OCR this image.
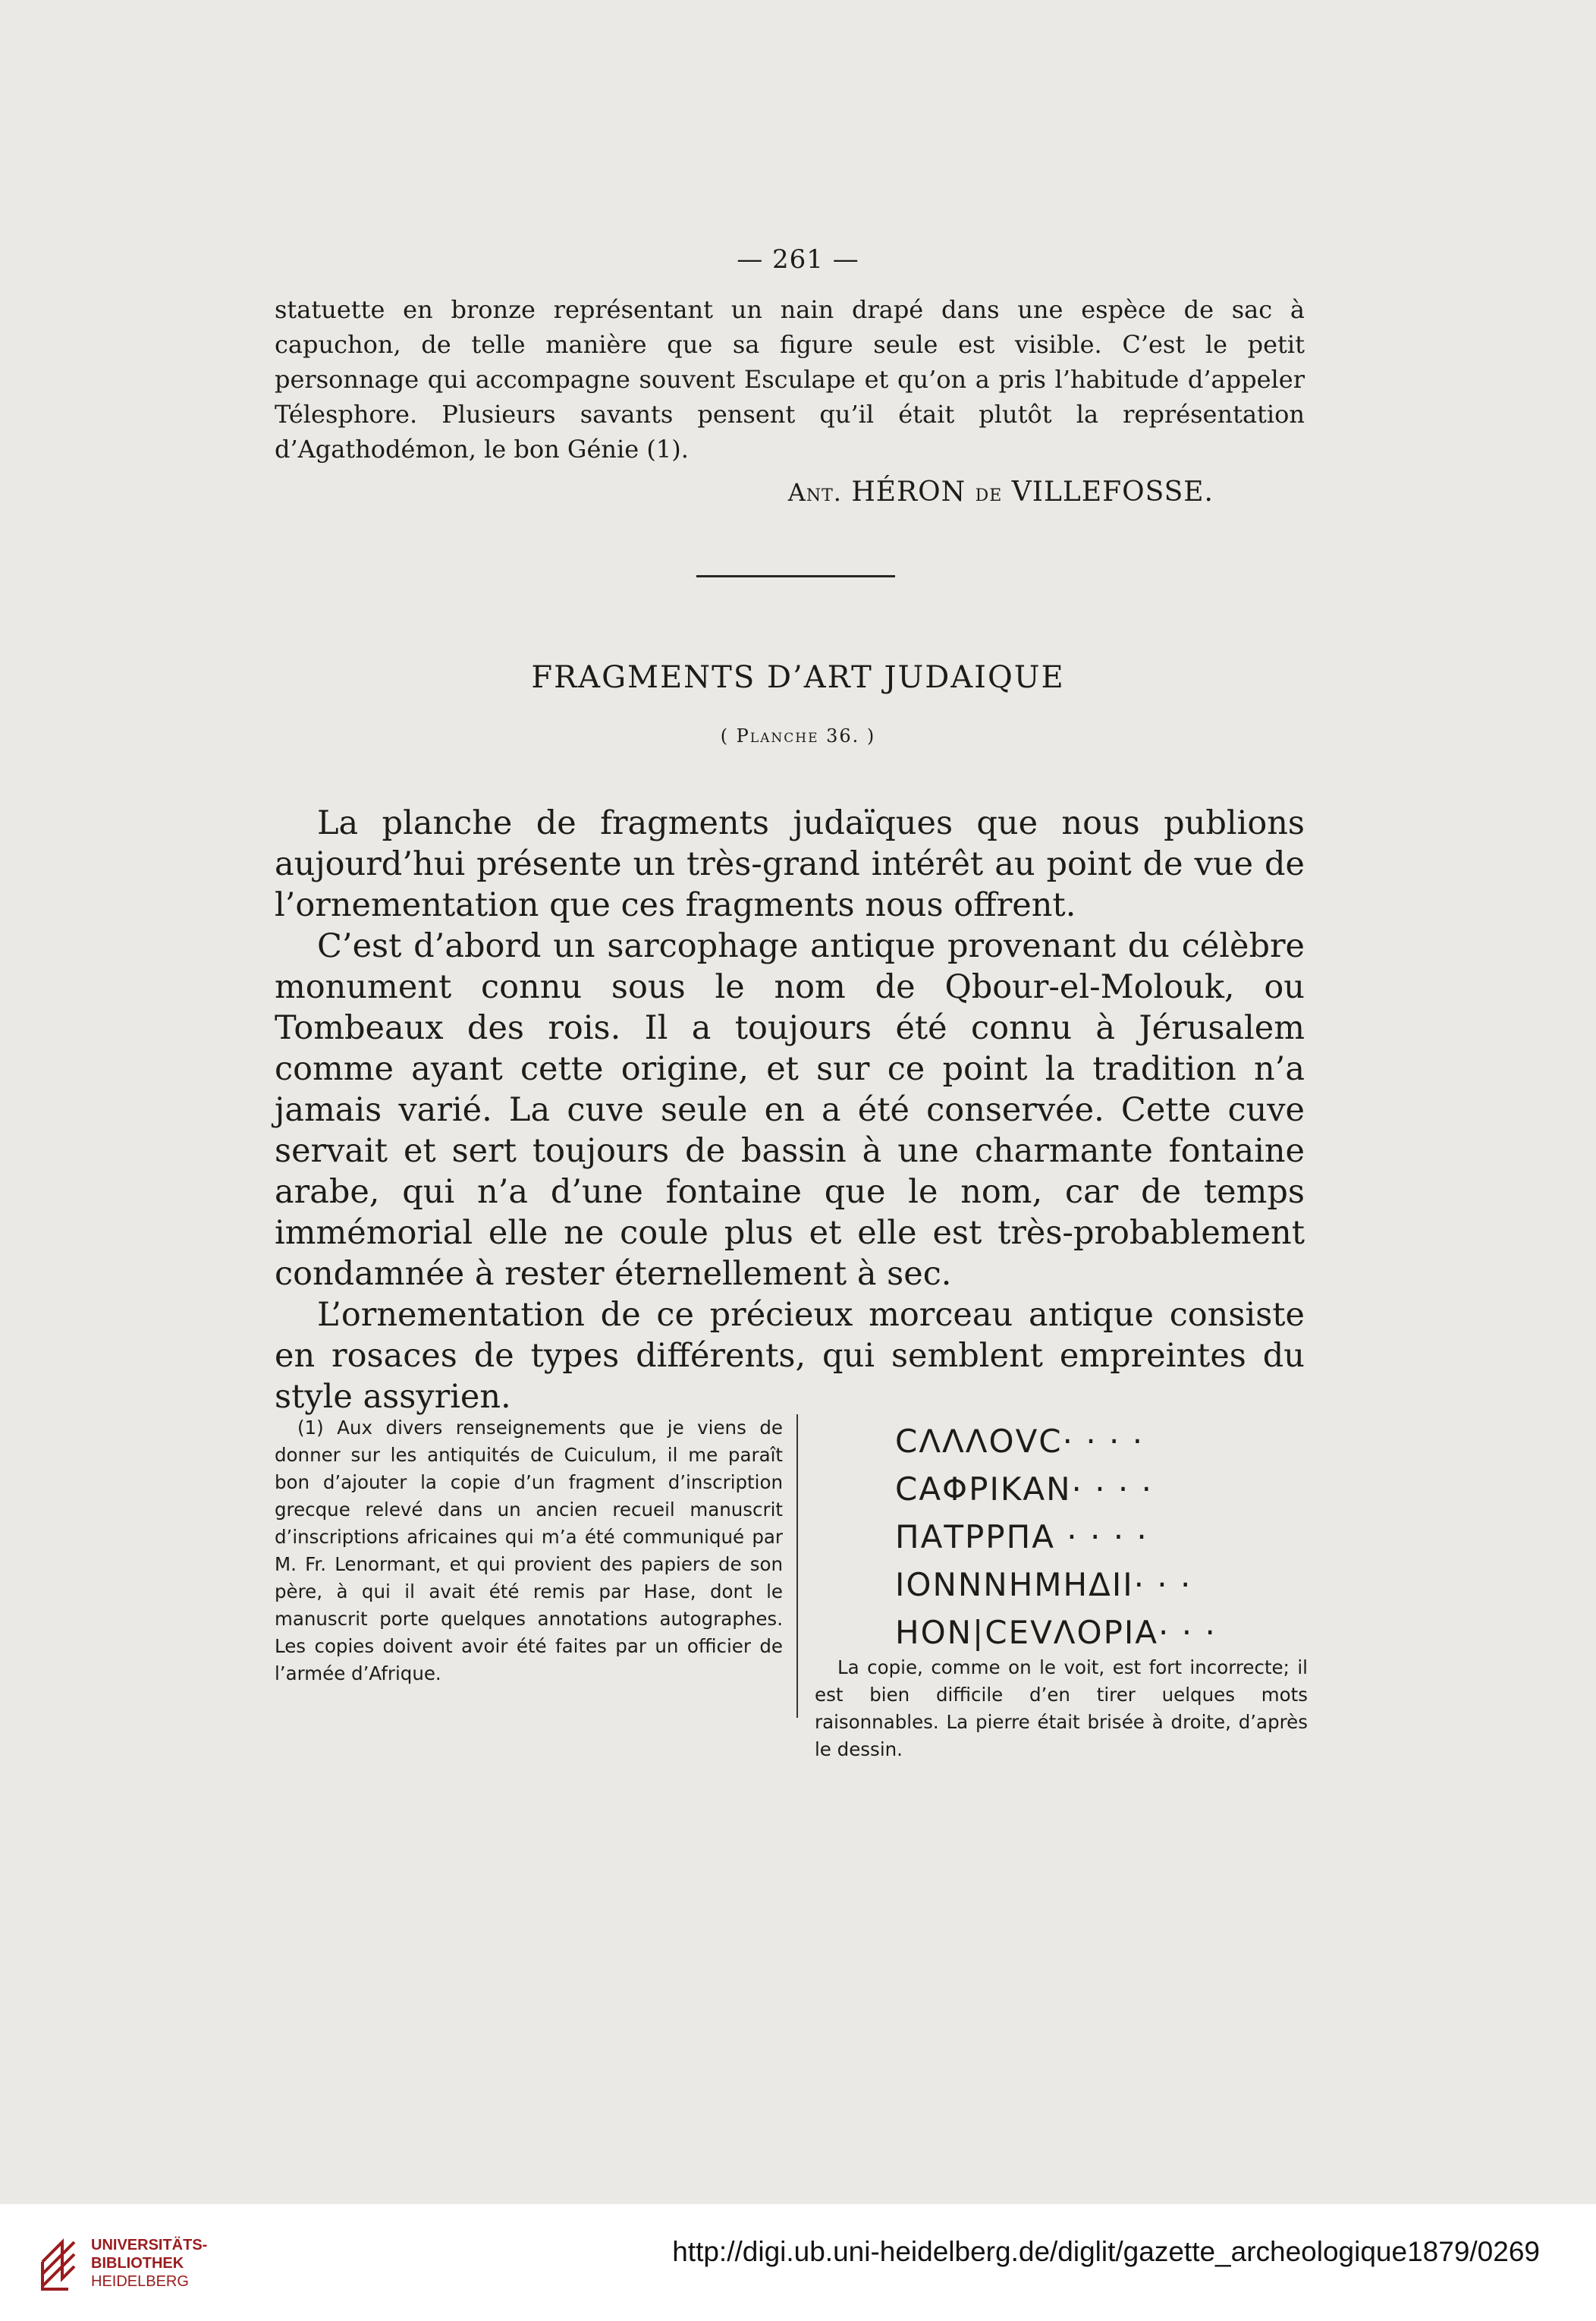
— 261 —

statuette en bronze représentant un nain drapé dans une espèce de sac à capuchon, de telle manière que sa figure seule est visible. C’est le petit personnage qui accompagne souvent Esculape et qu’on a pris l’habitude d’appeler Télesphore. Plusieurs savants pensent qu’il était plutôt la représentation d’Agathodémon, le bon Génie (1).

Ant. HÉRON de VILLEFOSSE.
FRAGMENTS D’ART JUDAIQUE
( Planche 36. )

La planche de fragments judaïques que nous publions aujourd’hui présente un très-grand intérêt au point de vue de l’ornementation que ces fragments nous offrent.

C’est d’abord un sarcophage antique provenant du célèbre monument connu sous le nom de Qbour-el-Molouk, ou Tombeaux des rois. Il a toujours été connu à Jérusalem comme ayant cette origine, et sur ce point la tradition n’a jamais varié. La cuve seule en a été conservée. Cette cuve servait et sert toujours de bassin à une charmante fontaine arabe, qui n’a d’une fontaine que le nom, car de temps immémorial elle ne coule plus et elle est très-probablement condamnée à rester éternellement à sec.

L’ornementation de ce précieux morceau antique consiste en rosaces de types différents, qui semblent empreintes du style assyrien.

(1) Aux divers renseignements que je viens de donner sur les antiquités de Cuiculum, il me paraît bon d’ajouter la copie d’un fragment d’inscription grecque relevé dans un ancien recueil manuscrit d’inscriptions africaines qui m’a été communiqué par M. Fr. Lenormant, et qui provient des papiers de son père, à qui il avait été remis par Hase, dont le manuscrit porte quelques annotations autographes. Les copies doivent avoir été faites par un officier de l’armée d’Afrique.

CΛΛΛΟVC· · · ·
CΑΦΡΙΚΑΝ· · · ·
ΠΑΤΡΡΠΑ · · · ·
ΙΟΝΝΝΗΜΗΔΙΙ· · ·
ΗΟΝ|CEVΛΟΡΙΑ· · ·

La copie, comme on le voit, est fort incorrecte; il est bien difficile d’en tirer uelques mots raisonnables. La pierre était brisée à droite, d’après le dessin.

UNIVERSITÄTS-
BIBLIOTHEK
HEIDELBERG
http://digi.ub.uni-heidelberg.de/diglit/gazette_archeologique1879/0269
